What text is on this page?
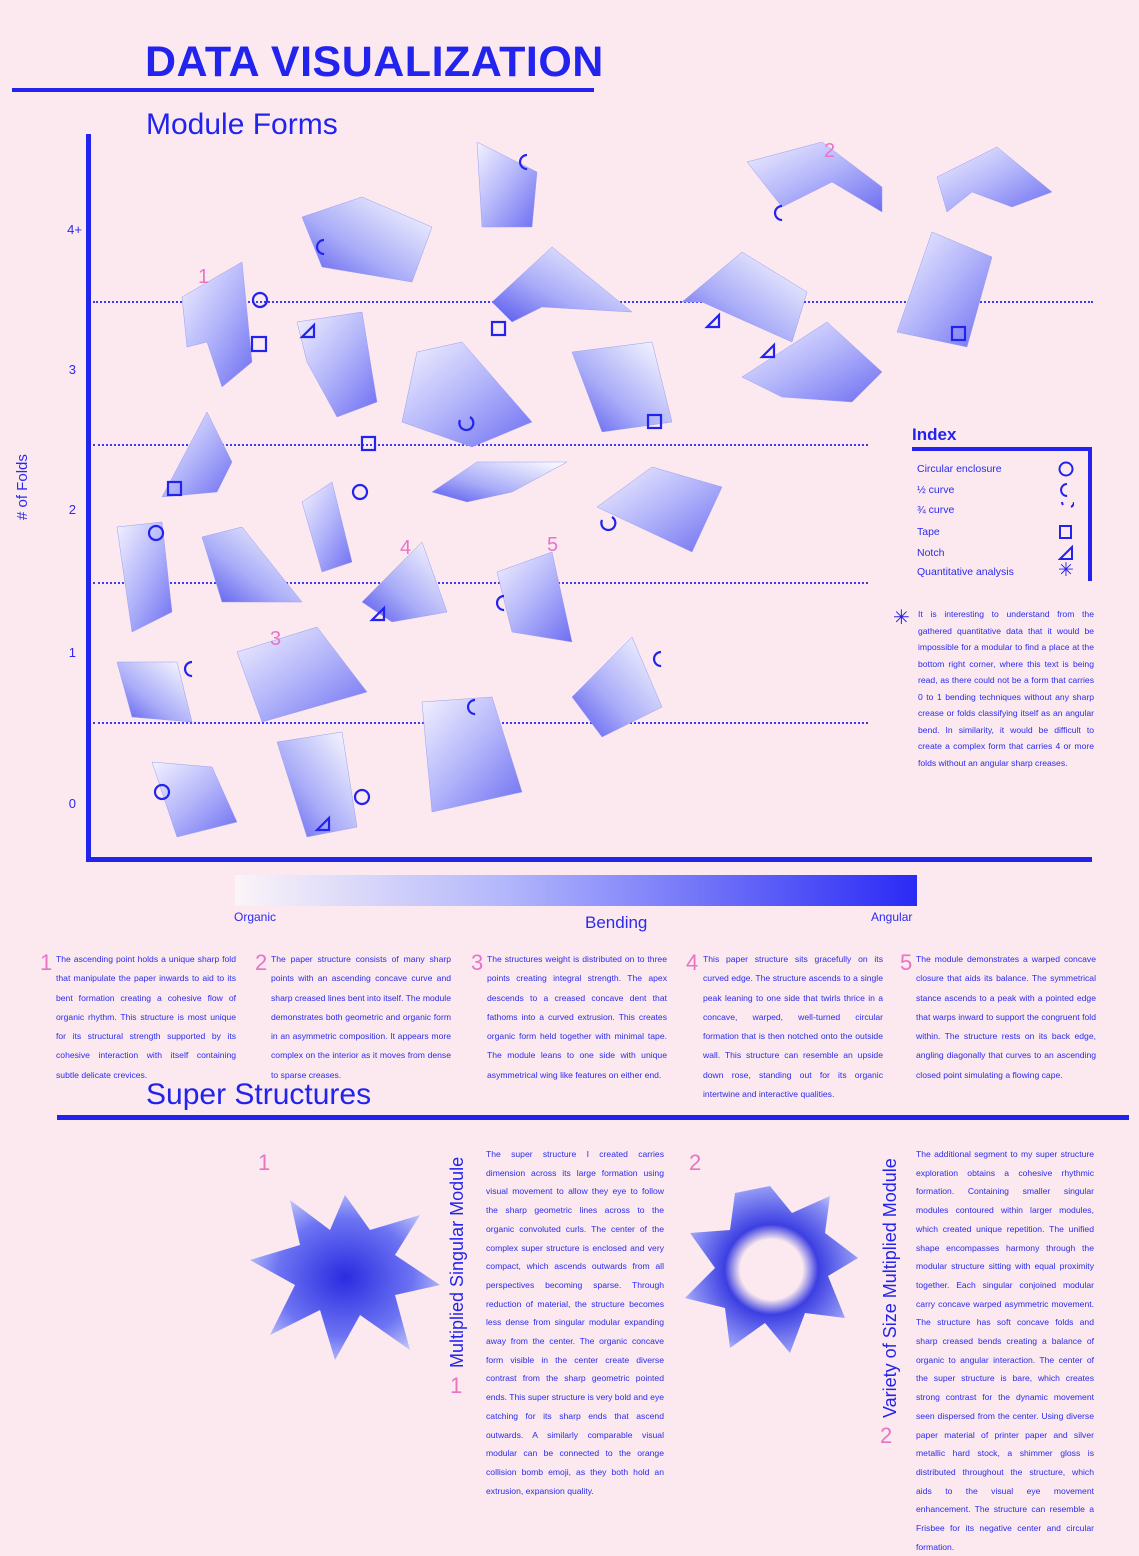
DATA VISUALIZATION
Module Forms
# of Folds
4+
3
2
1
0
1
2
3
4	5
Index
Circular enclosure
½ curve
¾ curve
Tape
Notch
Quantitative analysis ✳
✳ It is interesting to understand from the gathered quantitative data that it would be impossible for a modular to find a place at the bottom right corner, where this text is being read, as there could not be a form that carries 0 to 1 bending techniques without any sharp crease or folds classifying itself as an angular bend. In similarity, it would be difficult to create a complex form that carries 4 or more folds without an angular sharp creases.
Organic	Bending	Angular
1 The ascending point holds a unique sharp fold that manipulate the paper inwards to aid to its bent formation creating a cohesive flow of organic rhythm. This structure is most unique for its structural strength supported by its cohesive interaction with itself containing subtle delicate crevices.
2 The paper structure consists of many sharp points with an ascending concave curve and sharp creased lines bent into itself. The module demonstrates both geometric and organic form in an asymmetric composition. It appears more complex on the interior as it moves from dense to sparse creases.
3 The structures weight is distributed on to three points creating integral strength. The apex descends to a creased concave dent that fathoms into a curved extrusion. This creates organic form held together with minimal tape. The module leans to one side with unique asymmetrical wing like features on either end.
4 This paper structure sits gracefully on its curved edge. The structure ascends to a single peak leaning to one side that twirls thrice in a concave, warped, well-turned circular formation that is then notched onto the outside wall. This structure can resemble an upside down rose, standing out for its organic intertwine and interactive qualities.
5 The module demonstrates a warped concave closure that aids its balance. The symmetrical stance ascends to a peak with a pointed edge that warps inward to support the congruent fold within. The structure rests on its back edge, angling diagonally that curves to an ascending closed point simulating a flowing cape.
Super Structures
1	Multiplied Singular Module
1
The super structure I created carries dimension across its large formation using visual movement to allow they eye to follow the sharp geometric lines across to the organic convoluted curls. The center of the complex super structure is enclosed and very compact, which ascends outwards from all perspectives becoming sparse. Through reduction of material, the structure becomes less dense from singular modular expanding away from the center. The organic concave form visible in the center create diverse contrast from the sharp geometric pointed ends. This super structure is very bold and eye catching for its sharp ends that ascend outwards. A similarly comparable visual modular can be connected to the orange collision bomb emoji, as they both hold an extrusion, expansion quality.
2	Variety of Size Multiplied Module
2
The additional segment to my super structure exploration obtains a cohesive rhythmic formation. Containing smaller singular modules contoured within larger modules, which created unique repetition. The unified shape encompasses harmony through the modular structure sitting with equal proximity together. Each singular conjoined modular carry concave warped asymmetric movement. The structure has soft concave folds and sharp creased bends creating a balance of organic to angular interaction. The center of the super structure is bare, which creates strong contrast for the dynamic movement seen dispersed from the center. Using diverse paper material of printer paper and silver metallic hard stock, a shimmer gloss is distributed throughout the structure, which aids to the visual eye movement enhancement. The structure can resemble a Frisbee for its negative center and circular formation.
